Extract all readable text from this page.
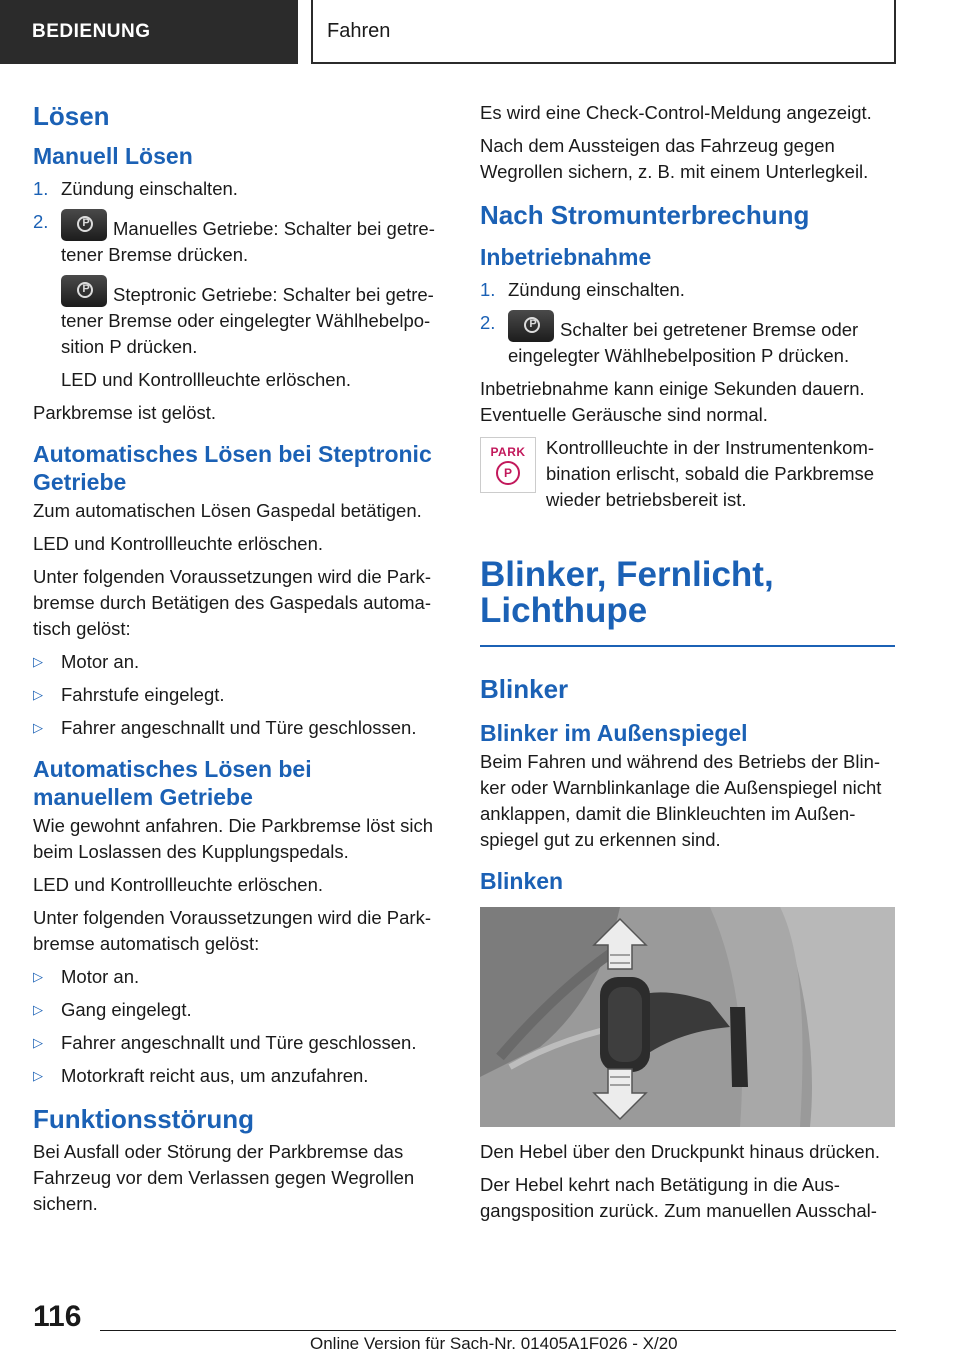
BEDIENUNG	Fahren
Lösen
Manuell Lösen
1. Zündung einschalten.
2. P	Manuelles Getriebe: Schalter bei getre-tener Bremse drücken.
PSteptronic Getriebe: Schalter bei getre-tener Bremse oder eingelegter Wählhebelpo-sition P drücken.
LED und Kontrollleuchte erlöschen.

Parkbremse ist gelöst.

Automatisches Lösen bei Steptronic Getriebe

Zum automatischen Lösen Gaspedal betätigen.

LED und Kontrollleuchte erlöschen.

Unter folgenden Voraussetzungen wird die Park-bremse durch Betätigen des Gaspedals automa-tisch gelöst:

▷ Motor an.
▷ Fahrstufe eingelegt.
▷ Fahrer angeschnallt und Türe geschlossen.
Automatisches Lösen bei manuellem Getriebe

Wie gewohnt anfahren. Die Parkbremse löst sich beim Loslassen des Kupplungspedals.

LED und Kontrollleuchte erlöschen.

Unter folgenden Voraussetzungen wird die Park-bremse automatisch gelöst:

▷ Motor an.
▷ Gang eingelegt.
▷ Fahrer angeschnallt und Türe geschlossen.
▷ Motorkraft reicht aus, um anzufahren.
Funktionsstörung

Bei Ausfall oder Störung der Parkbremse das Fahrzeug vor dem Verlassen gegen Wegrollen sichern.

Es wird eine Check-Control-Meldung angezeigt.

Nach dem Aussteigen das Fahrzeug gegen Wegrollen sichern, z. B. mit einem Unterlegkeil.

Nach Stromunterbrechung
Inbetriebnahme
1. Zündung einschalten.
2. P	Schalter bei getretener Bremse oder eingelegter Wählhebelposition P drücken.

Inbetriebnahme kann einige Sekunden dauern. Eventuelle Geräusche sind normal.

PARK
P
Kontrollleuchte in der Instrumentenkom-bination erlischt, sobald die Parkbremse wieder betriebsbereit ist.
Blinker, Fernlicht, Lichthupe
Blinker
Blinker im Außenspiegel

Beim Fahren und während des Betriebs der Blin-ker oder Warnblinkanlage die Außenspiegel nicht anklappen, damit die Blinkleuchten im Außen-spiegel gut zu erkennen sind.

Blinken

Den Hebel über den Druckpunkt hinaus drücken.

Der Hebel kehrt nach Betätigung in die Aus-gangsposition zurück. Zum manuellen Ausschal-

116
Online Version für Sach-Nr. 01405A1F026 - X/20
